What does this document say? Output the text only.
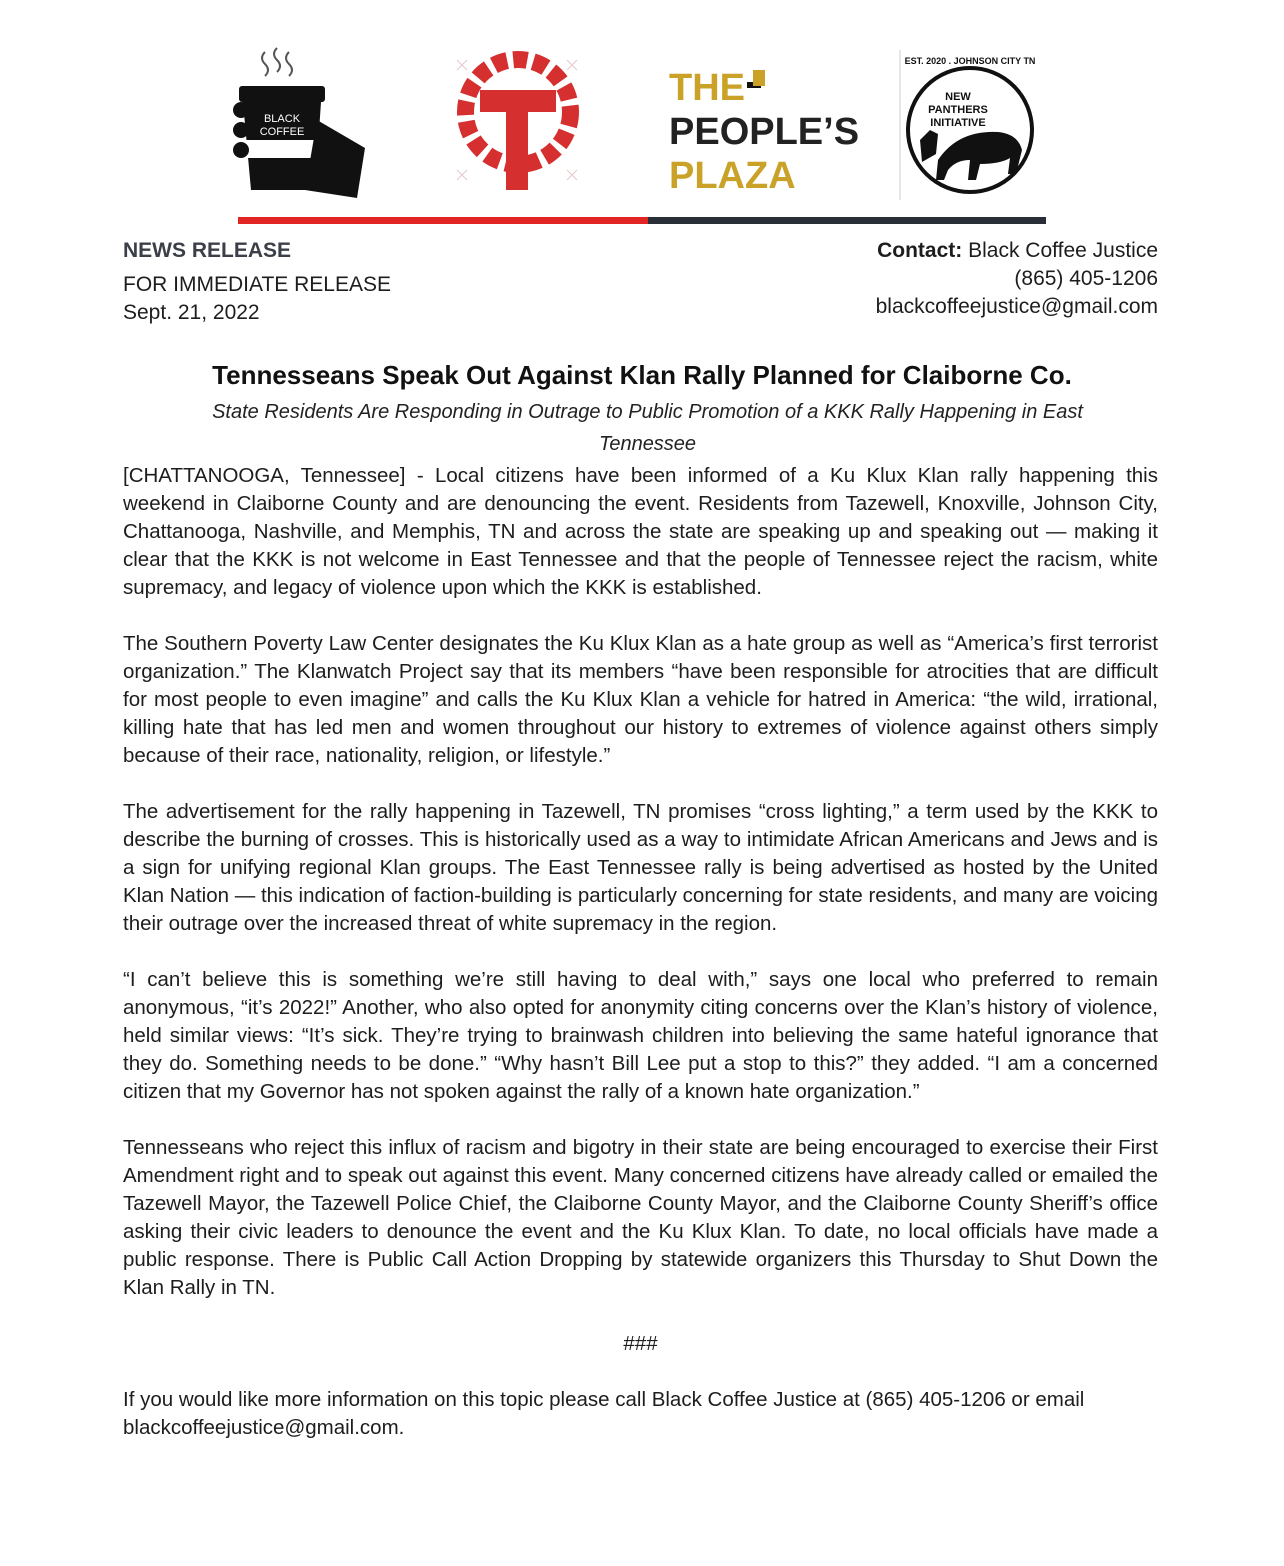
BLACK
COFFEE
THE
PEOPLE’S
PLAZA
EST. 2020 . JOHNSON CITY TN
NEW
PANTHERS
INITIATIVE
NEWS RELEASE
FOR IMMEDIATE RELEASE
Sept. 21, 2022
Contact: Black Coffee Justice
(865) 405-1206
blackcoffeejustice@gmail.com
Tennesseans Speak Out Against Klan Rally Planned for Claiborne Co.
State Residents Are Responding in Outrage to Public Promotion of a KKK Rally Happening in East Tennessee

[CHATTANOOGA, Tennessee] - Local citizens have been informed of a Ku Klux Klan rally happening this weekend in Claiborne County and are denouncing the event. Residents from Tazewell, Knoxville, Johnson City, Chattanooga, Nashville, and Memphis, TN and across the state are speaking up and speaking out — making it clear that the KKK is not welcome in East Tennessee and that the people of Tennessee reject the racism, white supremacy, and legacy of violence upon which the KKK is established.

The Southern Poverty Law Center designates the Ku Klux Klan as a hate group as well as “America’s first terrorist organization.” The Klanwatch Project say that its members “have been responsible for atrocities that are difficult for most people to even imagine” and calls the Ku Klux Klan a vehicle for hatred in America: “the wild, irrational, killing hate that has led men and women throughout our history to extremes of violence against others simply because of their race, nationality, religion, or lifestyle.”

The advertisement for the rally happening in Tazewell, TN promises “cross lighting,” a term used by the KKK to describe the burning of crosses. This is historically used as a way to intimidate African Americans and Jews and is a sign for unifying regional Klan groups. The East Tennessee rally is being advertised as hosted by the United Klan Nation — this indication of faction-building is particularly concerning for state residents, and many are voicing their outrage over the increased threat of white supremacy in the region.

“I can’t believe this is something we’re still having to deal with,” says one local who preferred to remain anonymous, “it’s 2022!” Another, who also opted for anonymity citing concerns over the Klan’s history of violence, held similar views: “It’s sick. They’re trying to brainwash children into believing the same hateful ignorance that they do. Something needs to be done.” “Why hasn’t Bill Lee put a stop to this?” they added. “I am a concerned citizen that my Governor has not spoken against the rally of a known hate organization.”

Tennesseans who reject this influx of racism and bigotry in their state are being encouraged to exercise their First Amendment right and to speak out against this event. Many concerned citizens have already called or emailed the Tazewell Mayor, the Tazewell Police Chief, the Claiborne County Mayor, and the Claiborne County Sheriff’s office asking their civic leaders to denounce the event and the Ku Klux Klan. To date, no local officials have made a public response. There is Public Call Action Dropping by statewide organizers this Thursday to Shut Down the Klan Rally in TN.

###

If you would like more information on this topic please call Black Coffee Justice at (865) 405-1206 or email blackcoffeejustice@gmail.com.
